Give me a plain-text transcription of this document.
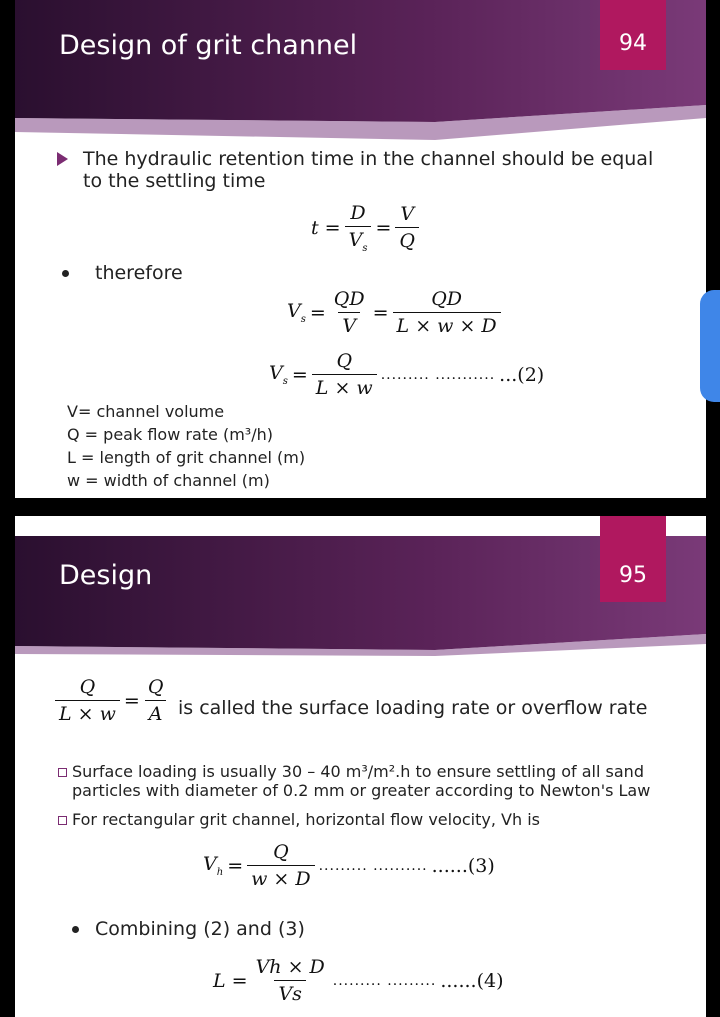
Design of grit channel	94
The hydraulic retention time in the channel should be equal to the settling time
$t = \frac{D}{V_s} = \frac{V}{Q}$
therefore
$V_s = \frac{QD}{V} = \frac{QD}{L \times w \times D}$
$V_s = \frac{Q}{L \times w}$ ......... ........... ...(2)
V= channel volume
Q = peak flow rate (m³/h)
L = length of grit channel (m)
w = width of channel (m)
Design	95
$\frac{Q}{L \times w} = \frac{Q}{A}$ is called the surface loading rate or overflow rate
Surface loading is usually 30 – 40 m³/m².h to ensure settling of all sand particles with diameter of 0.2 mm or greater according to Newton's Law
For rectangular grit channel, horizontal flow velocity, Vh is
$V_h = \frac{Q}{w \times D}$ ......... .......... ......(3)
Combining (2) and (3)
$L = \frac{Vh \times D}{Vs}$ ......... ......... ......(4)
